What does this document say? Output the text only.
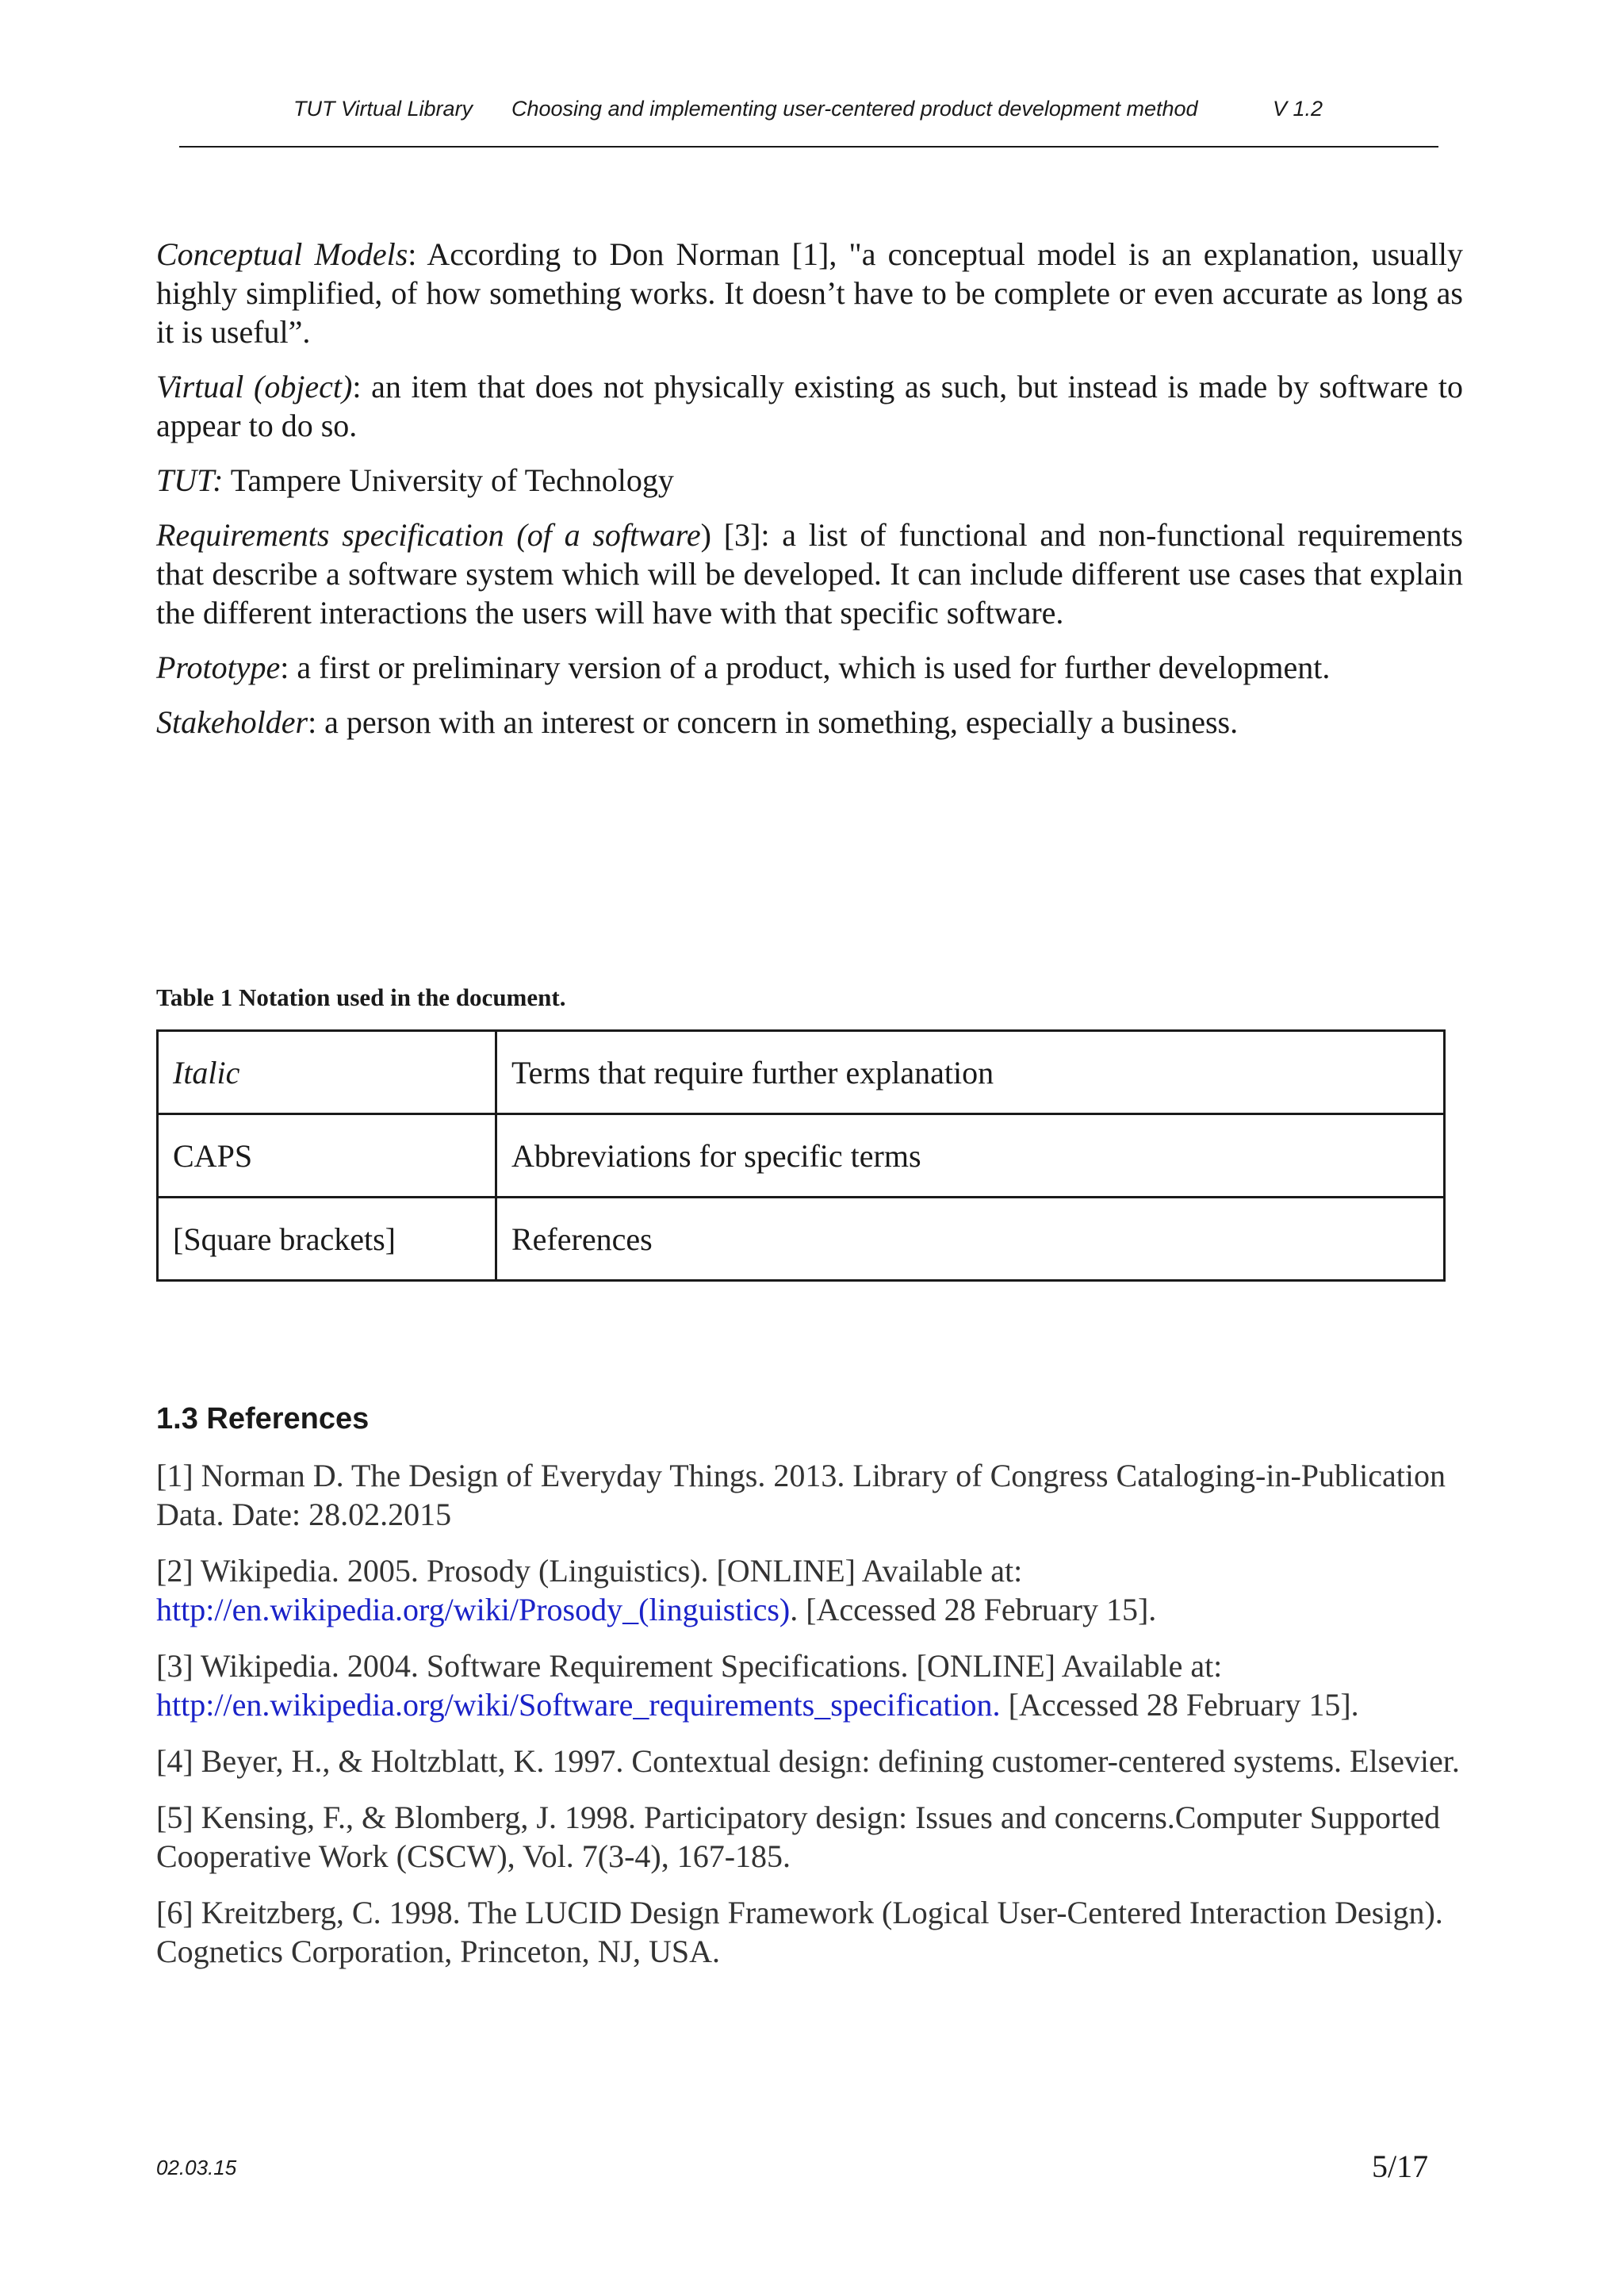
TUT Virtual Library Choosing and implementing user-centered product development method	V 1.2

Conceptual Models: According to Don Norman [1], "a conceptual model is an explanation, usually highly simplified, of how something works. It doesn’t have to be complete or even accurate as long as it is useful”.

Virtual (object): an item that does not physically existing as such, but instead is made by software to appear to do so.

TUT: Tampere University of Technology

Requirements specification (of a software) [3]: a list of functional and non-functional requirements that describe a software system which will be developed. It can include different use cases that explain the different interactions the users will have with that specific software.

Prototype: a first or preliminary version of a product, which is used for further development.

Stakeholder: a person with an interest or concern in something, especially a business.

Table 1 Notation used in the document.
Italic	Terms that require further explanation
CAPS	Abbreviations for specific terms
[Square brackets]	References
1.3 References

[1] Norman D. The Design of Everyday Things. 2013. Library of Congress Cataloging-in-Publication Data. Date: 28.02.2015

[2] Wikipedia. 2005. Prosody (Linguistics). [ONLINE] Available at: http://en.wikipedia.org/wiki/Prosody_(linguistics). [Accessed 28 February 15].

[3] Wikipedia. 2004. Software Requirement Specifications. [ONLINE] Available at: http://en.wikipedia.org/wiki/Software_requirements_specification. [Accessed 28 February 15].

[4] Beyer, H., & Holtzblatt, K. 1997. Contextual design: defining customer-centered systems. Elsevier.

[5] Kensing, F., & Blomberg, J. 1998. Participatory design: Issues and concerns.Computer Supported Cooperative Work (CSCW), Vol. 7(3-4), 167-185.

[6] Kreitzberg, C. 1998. The LUCID Design Framework (Logical User-Centered Interaction Design). Cognetics Corporation, Princeton, NJ, USA.

02.03.15	5/17
